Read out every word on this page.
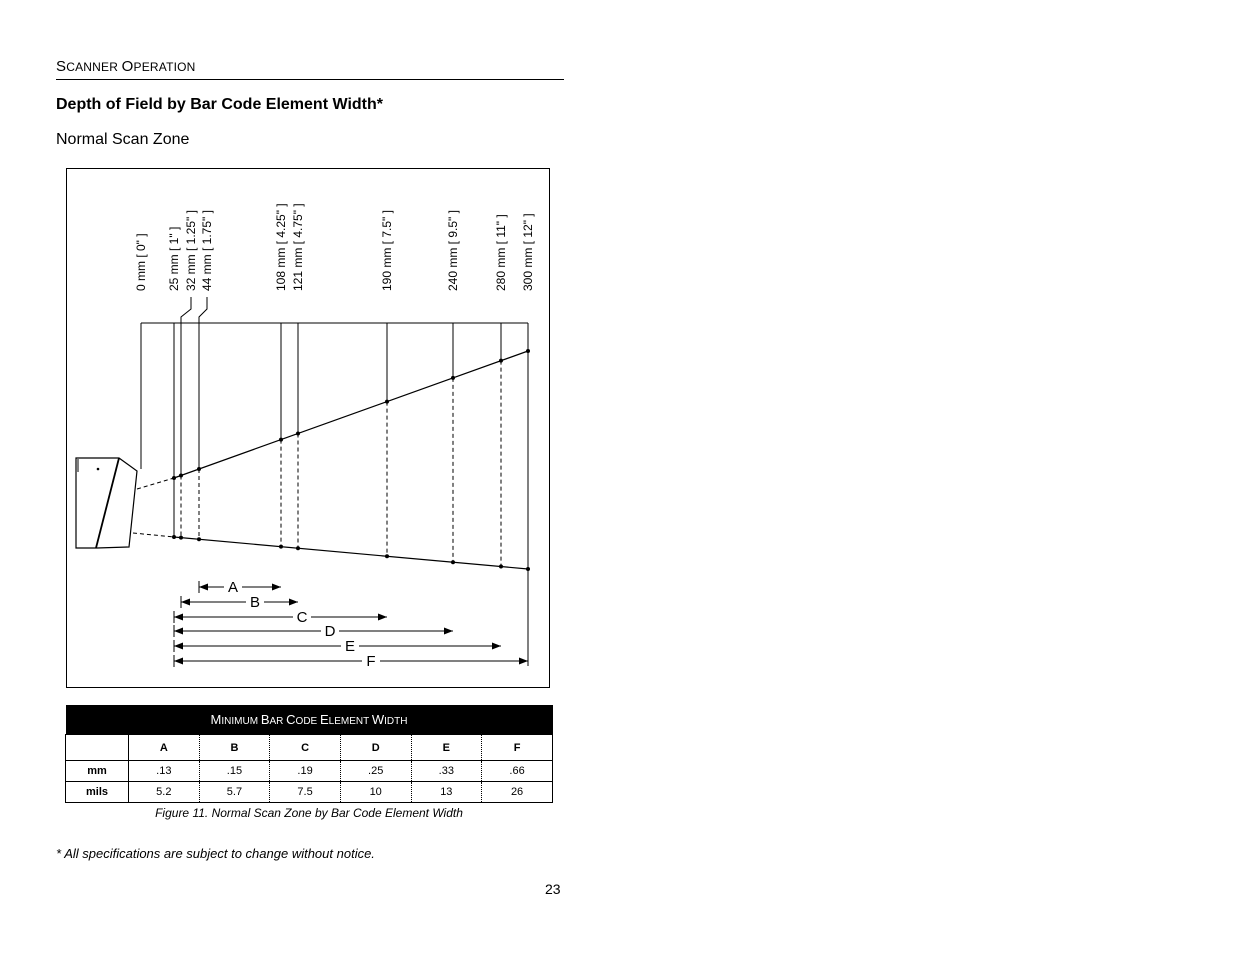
SCANNER OPERATION
Depth of Field by Bar Code Element Width*
Normal Scan Zone
0 mm [ 0" ] 25 mm [ 1" ] 32 mm [ 1.25" ] 44 mm [ 1.75" ]	108 mm [ 4.25" ] 121 mm [ 4.75" ]	190 mm [ 7.5" ]	240 mm [ 9.5" ]	280 mm [ 11" ] 300 mm [ 12" ]
A
B
C
D
E
F
MINIMUM BAR CODE ELEMENT WIDTH						
	A	B	C	D	E	F
mm	.13	.15	.19	.25	.33	.66
mils	5.2	5.7	7.5	10	13	26
Figure 11. Normal Scan Zone by Bar Code Element Width
* All specifications are subject to change without notice.
23
